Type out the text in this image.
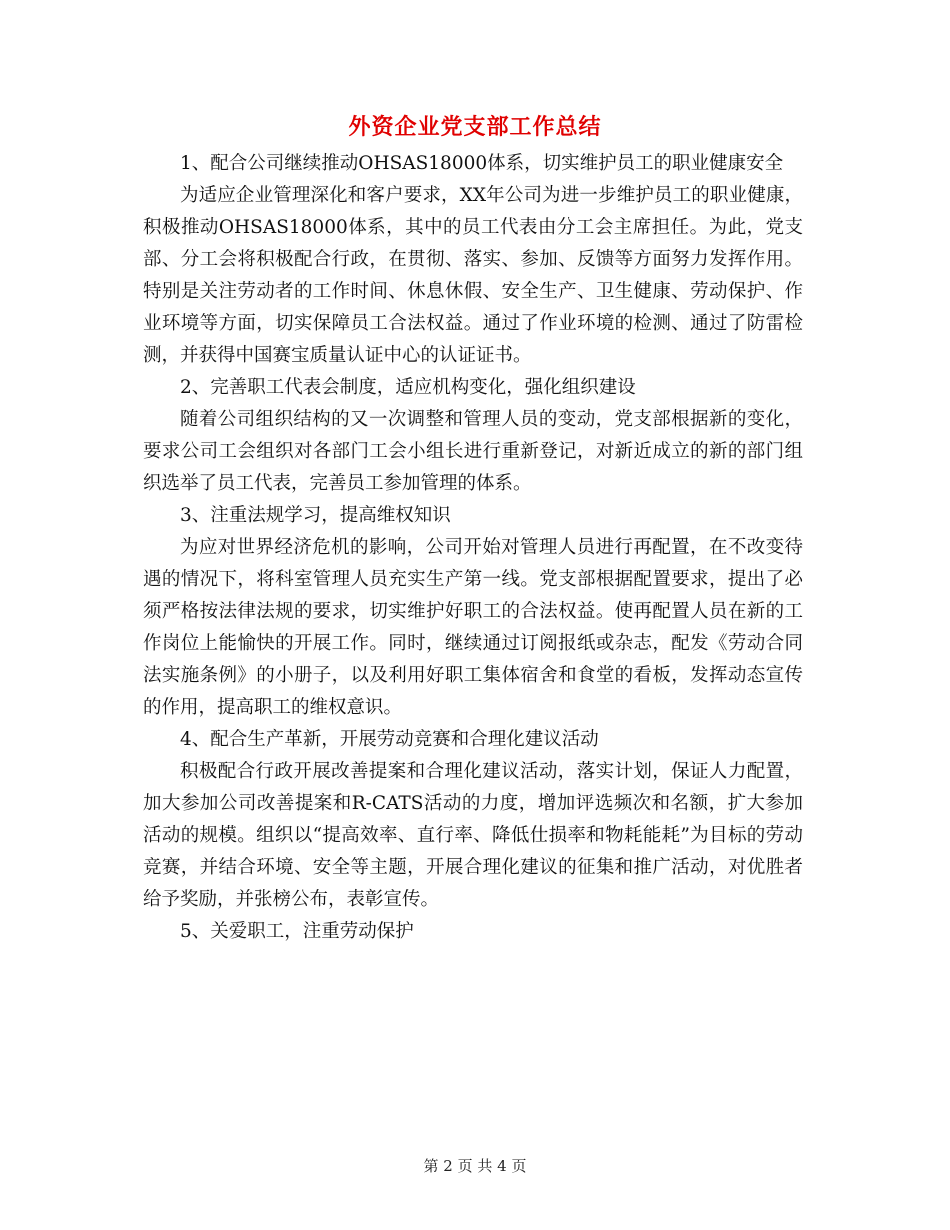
外资企业党支部工作总结

1、配合公司继续推动OHSAS18000体系，切实维护员工的职业健康安全

为适应企业管理深化和客户要求，XX年公司为进一步维护员工的职业健康，积极推动OHSAS18000体系，其中的员工代表由分工会主席担任。为此，党支部、分工会将积极配合行政，在贯彻、落实、参加、反馈等方面努力发挥作用。特别是关注劳动者的工作时间、休息休假、安全生产、卫生健康、劳动保护、作业环境等方面，切实保障员工合法权益。通过了作业环境的检测、通过了防雷检测，并获得中国赛宝质量认证中心的认证证书。

2、完善职工代表会制度，适应机构变化，强化组织建设

随着公司组织结构的又一次调整和管理人员的变动，党支部根据新的变化，要求公司工会组织对各部门工会小组长进行重新登记，对新近成立的新的部门组织选举了员工代表，完善员工参加管理的体系。

3、注重法规学习，提高维权知识

为应对世界经济危机的影响，公司开始对管理人员进行再配置，在不改变待遇的情况下，将科室管理人员充实生产第一线。党支部根据配置要求，提出了必须严格按法律法规的要求，切实维护好职工的合法权益。使再配置人员在新的工作岗位上能愉快的开展工作。同时，继续通过订阅报纸或杂志，配发《劳动合同法实施条例》的小册子，以及利用好职工集体宿舍和食堂的看板，发挥动态宣传的作用，提高职工的维权意识。

4、配合生产革新，开展劳动竞赛和合理化建议活动

积极配合行政开展改善提案和合理化建议活动，落实计划，保证人力配置，加大参加公司改善提案和R-CATS活动的力度，增加评选频次和名额，扩大参加活动的规模。组织以“提高效率、直行率、降低仕损率和物耗能耗”为目标的劳动竞赛，并结合环境、安全等主题，开展合理化建议的征集和推广活动，对优胜者给予奖励，并张榜公布，表彰宣传。

5、关爱职工，注重劳动保护

第 2 页 共 4 页
